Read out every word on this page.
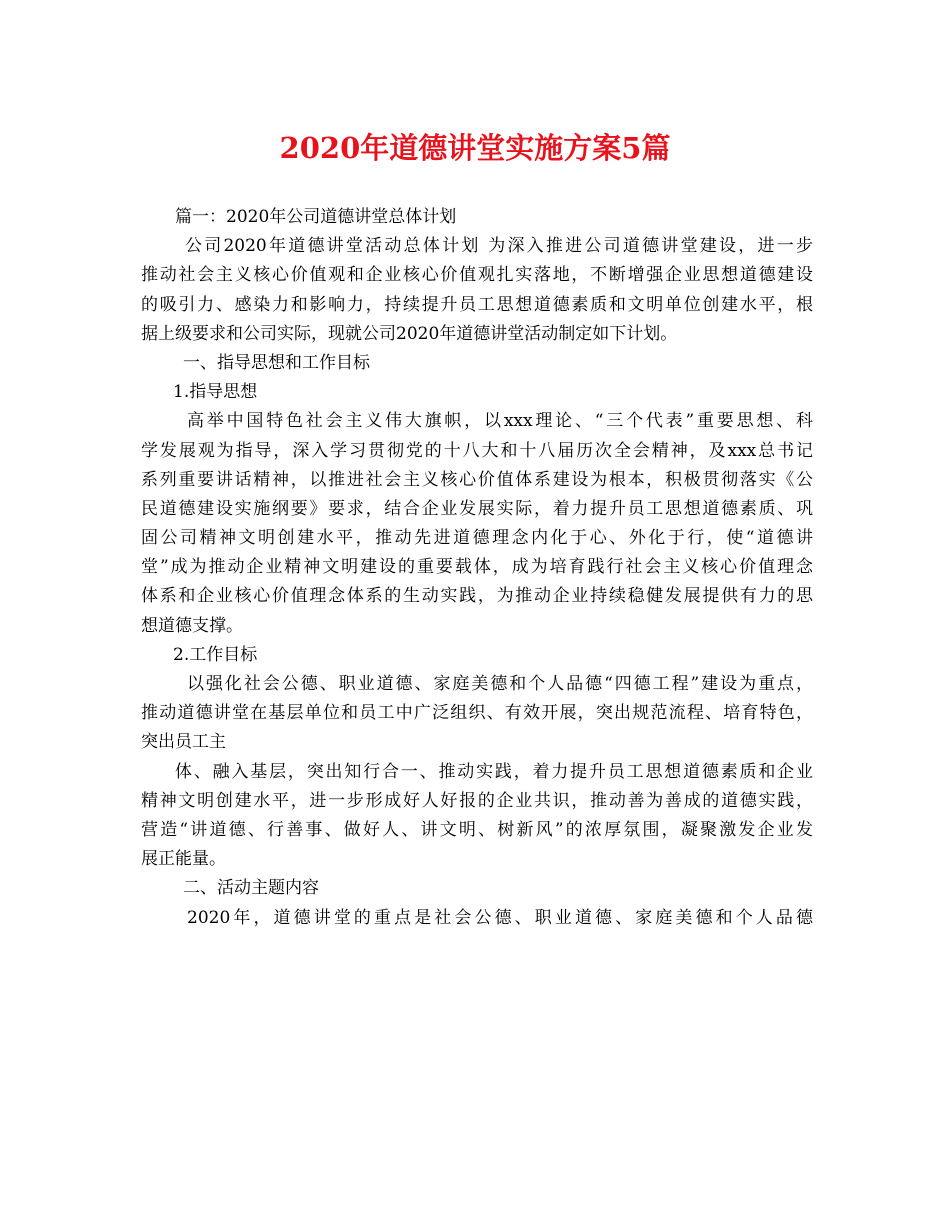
2020年道德讲堂实施方案5篇
篇一：2020年公司道德讲堂总体计划
公司2020年道德讲堂活动总体计划 为深入推进公司道德讲堂建设，进一步
推动社会主义核心价值观和企业核心价值观扎实落地，不断增强企业思想道德建设
的吸引力、感染力和影响力，持续提升员工思想道德素质和文明单位创建水平，根
据上级要求和公司实际，现就公司2020年道德讲堂活动制定如下计划。
一、指导思想和工作目标
1.指导思想
高举中国特色社会主义伟大旗帜，以xxx理论、“三个代表”重要思想、科
学发展观为指导，深入学习贯彻党的十八大和十八届历次全会精神，及xxx总书记
系列重要讲话精神，以推进社会主义核心价值体系建设为根本，积极贯彻落实《公
民道德建设实施纲要》要求，结合企业发展实际，着力提升员工思想道德素质、巩
固公司精神文明创建水平，推动先进道德理念内化于心、外化于行，使“道德讲
堂”成为推动企业精神文明建设的重要载体，成为培育践行社会主义核心价值理念
体系和企业核心价值理念体系的生动实践，为推动企业持续稳健发展提供有力的思
想道德支撑。
2.工作目标
以强化社会公德、职业道德、家庭美德和个人品德“四德工程”建设为重点，
推动道德讲堂在基层单位和员工中广泛组织、有效开展，突出规范流程、培育特色，
突出员工主
体、融入基层，突出知行合一、推动实践，着力提升员工思想道德素质和企业
精神文明创建水平，进一步形成好人好报的企业共识，推动善为善成的道德实践，
营造“讲道德、行善事、做好人、讲文明、树新风”的浓厚氛围，凝聚激发企业发
展正能量。
二、活动主题内容
2020年，道德讲堂的重点是社会公德、职业道德、家庭美德和个人品德
